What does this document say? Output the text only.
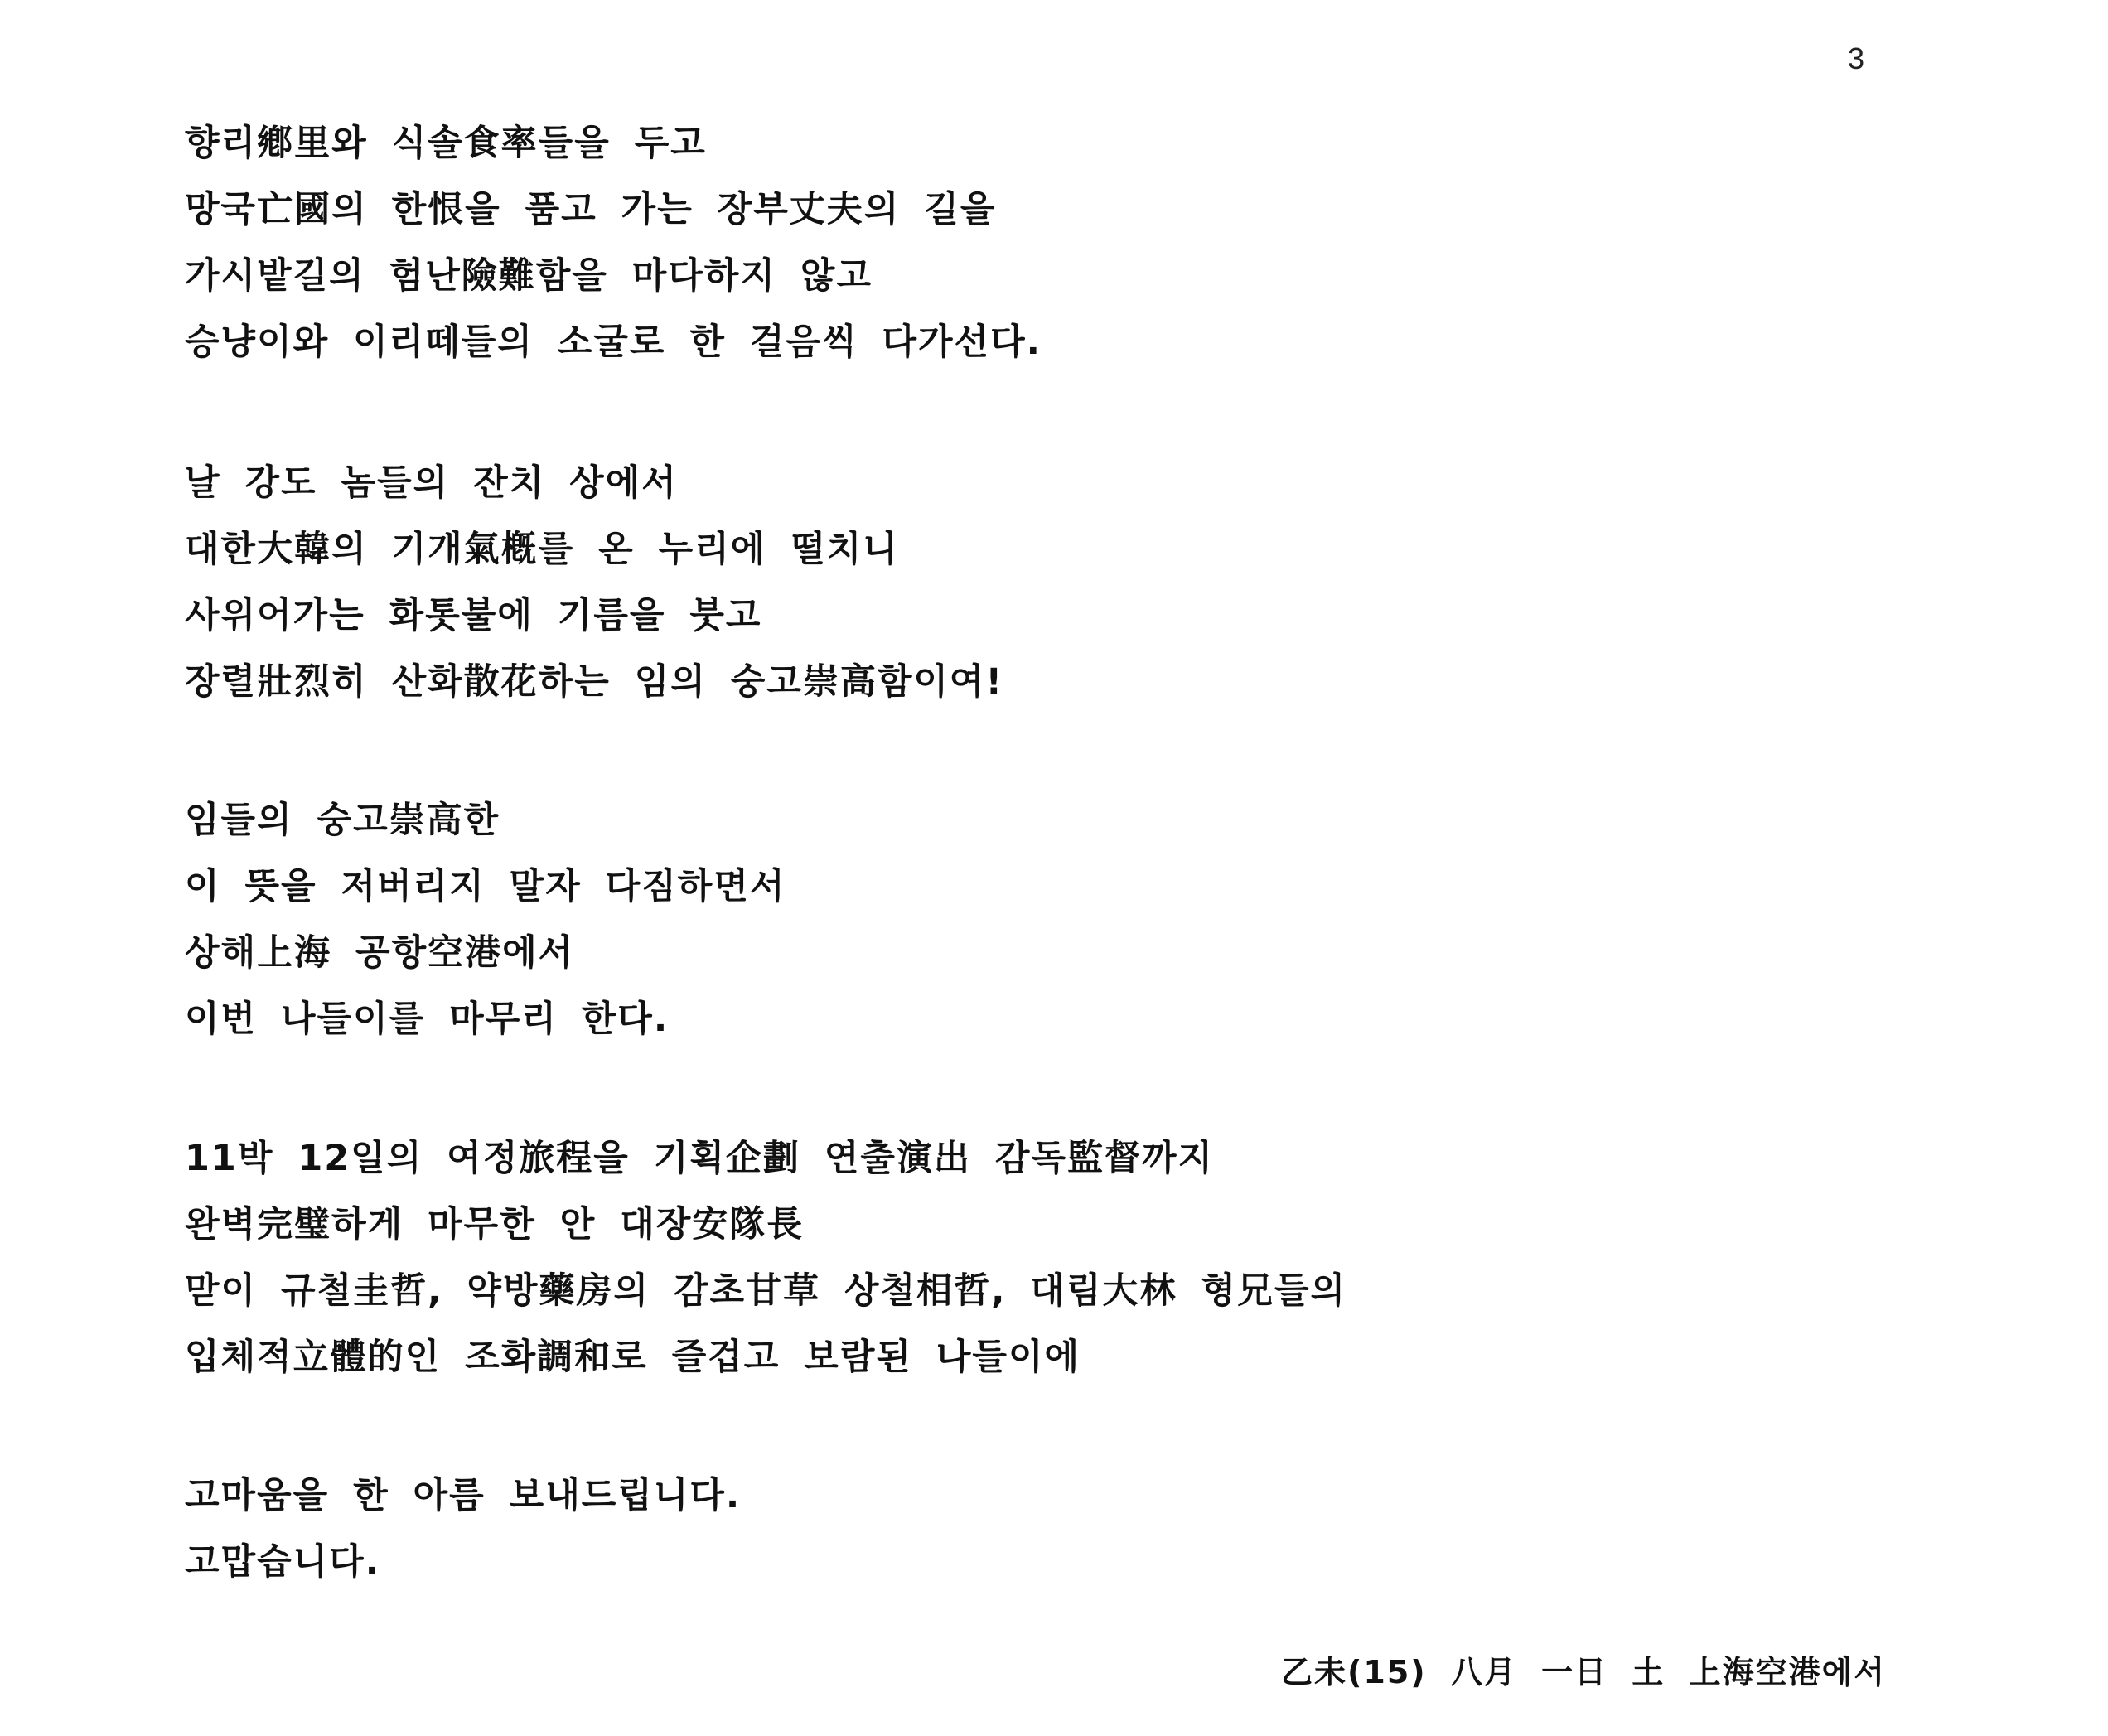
3
향리鄕里와 식솔食率들을 두고
망국亡國의 한恨을 품고 가는 장부丈夫의 길을
가시밭길의 험난險難함을 마다하지 않고
승냥이와 이리떼들의 소굴로 한 걸음씩 다가선다.
날 강도 놈들의 잔치 상에서
대한大韓의 기개氣槪를 온 누리에 떨치니
사위어가는 화톳불에 기름을 붓고
장렬壯烈히 산화散花하는 임의 숭고崇高함이여!
임들의 숭고崇高한
이 뜻을 저버리지 말자 다짐하면서
상해上海 공항空港에서
이번 나들이를 마무리 한다.
11박 12일의 여정旅程을 기획企劃 연출演出 감독監督까지
완벽完璧하게 마무한 안 대장安隊長
맏이 규철圭哲, 약방藥房의 감초甘草 상철相哲, 대림大林 형兄들의
입체적立體的인 조화調和로 즐겁고 보람된 나들이에
고마움을 한 아름 보내드립니다.
고맙습니다.
乙未(15) 八月 一日 土 上海空港에서
